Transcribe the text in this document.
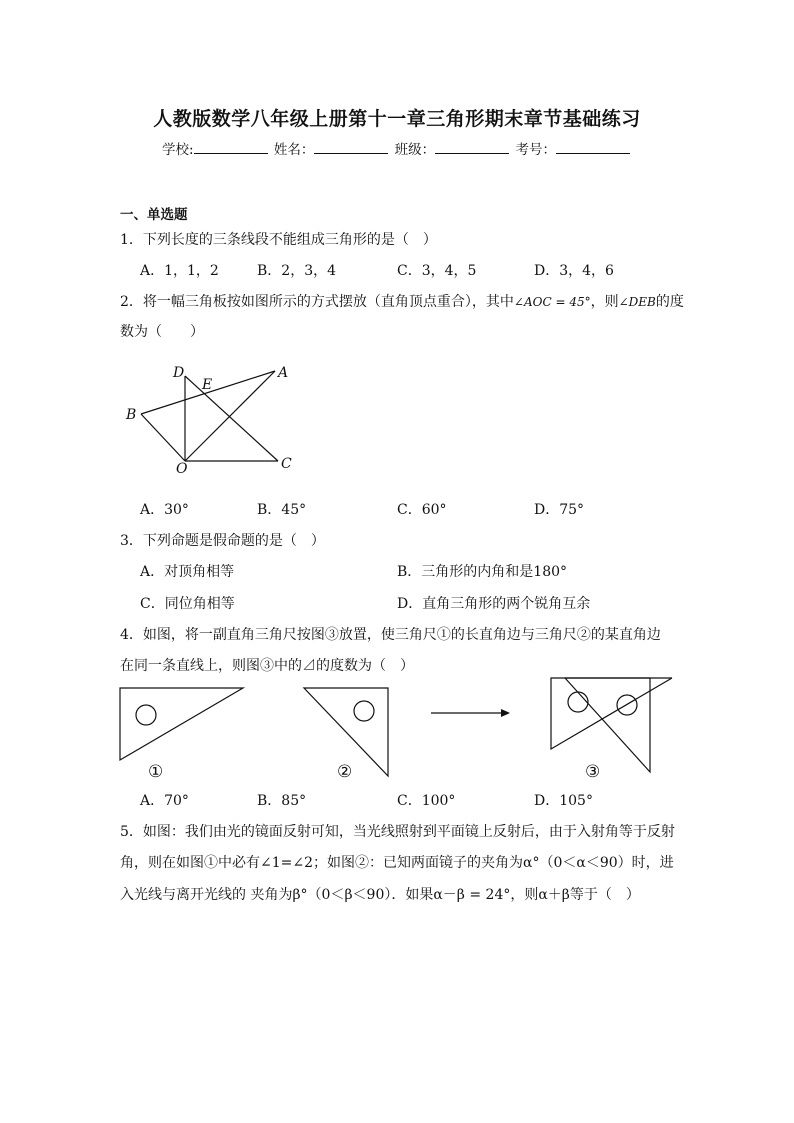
人教版数学八年级上册第十一章三角形期末章节基础练习
学校:	姓名：	班级：	考号：
一、单选题
1．下列长度的三条线段不能组成三角形的是（　）
A．1，1，2	B．2，3，4	C．3，4，5	D．3，4，6
2．将一幅三角板按如图所示的方式摆放（直角顶点重合），其中∠AOC = 45°，则∠DEB的度
数为（　　）
D
E
A
B
O	C
A．30°	B．45°	C．60°	D．75°
3．下列命题是假命题的是（　）
A．对顶角相等	B．三角形的内角和是180°
C．同位角相等	D．直角三角形的两个锐角互余
4．如图，将一副直角三角尺按图③放置，使三角尺①的长直角边与三角尺②的某直角边
在同一条直线上，则图③中的⊿的度数为（　）
①	②	③
A．70°	B．85°	C．100°	D．105°
5．如图：我们由光的镜面反射可知，当光线照射到平面镜上反射后，由于入射角等于反射
角，则在如图①中必有∠1=∠2；如图②：已知两面镜子的夹角为α°（0＜α＜90）时，进
入光线与离开光线的 夹角为β°（0＜β＜90）．如果α－β = 24°，则α＋β等于（　）
